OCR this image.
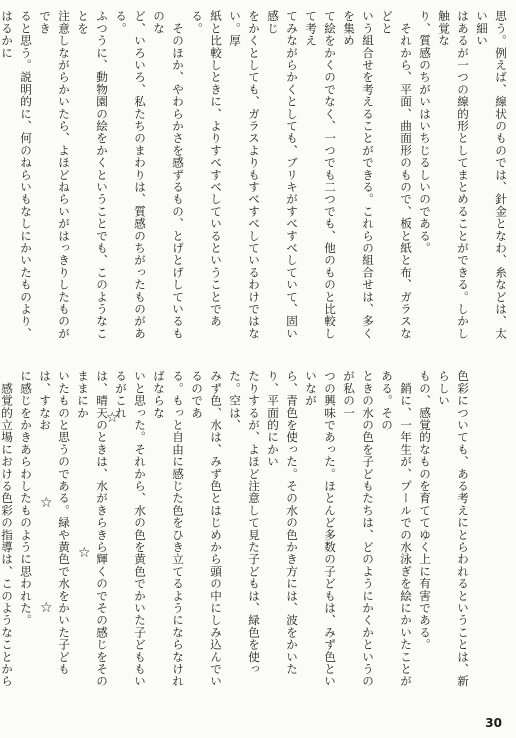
思う。例えば、線状のものでは、針金となわ、糸などは、太い細い
はあるが一つの線的形としてまとめることができる。しかし触覚な
り、質感のちがいはいちじるしいのである。
　それから、平面、曲面形のもので、板と紙と布、ガラスなどと
いう組合せを考えることができる。これらの組合せは、多くを集め
て絵をかくのでなく、一つでも二つでも、他のものと比較して考え
てみながらかくとしても、ブリキがすべすべしていて、固い感じ
をかくとしても、ガラスよりもすべすべしているわけではない。厚
紙と比較しときに、よりすべすべしているということである。
　そのほか、やわらかさを感ずるもの、とげとげしているものな
ど、いろいろ、私たちのまわりは、質感のちがったものがある。
ふつうに、動物園の絵をかくということでも、このようなことを
注意しながらかいたら、よほどねらいがはっきりしたものができ
ると思う。説明的に、何のねらいもなしにかいたものより、はるかに
色彩についても、ある考えにとらわれるということは、新らしい
もの、感覚的なものを育ててゆく上に有害である。
　銷に、一年生が、プールでの水泳ぎを絵にかいたことがある。その
ときの水の色を子どもたちは、どのようにかくかというのが私の一
つの興味であった。ほとんど多数の子どもは、みず色といいなが
ら、青色を使った。その水の色かき方には、波をかいたり、平面的にかい
たりするが、よほど注意して見た子どもは、緑色を使った。空は、
みず色、水は、みず色とはじめから頭の中にしみ込んでいるのであ
る。もっと自由に感じた色をひき立てるようにならなければならな
いと思った。それから、水の色を黄色でかいた子どももいるがこれ
は、晴天のときは、水がきらきら輝くのでその感じをそのままにか
いたものと思うのである。緑や黄色で水をかいた子どもは、すなお
に感じをかきあらわしたものように思われた。
　感覚的立場における色彩の指導は、このようなことから
☆
☆
☆
☆
30
